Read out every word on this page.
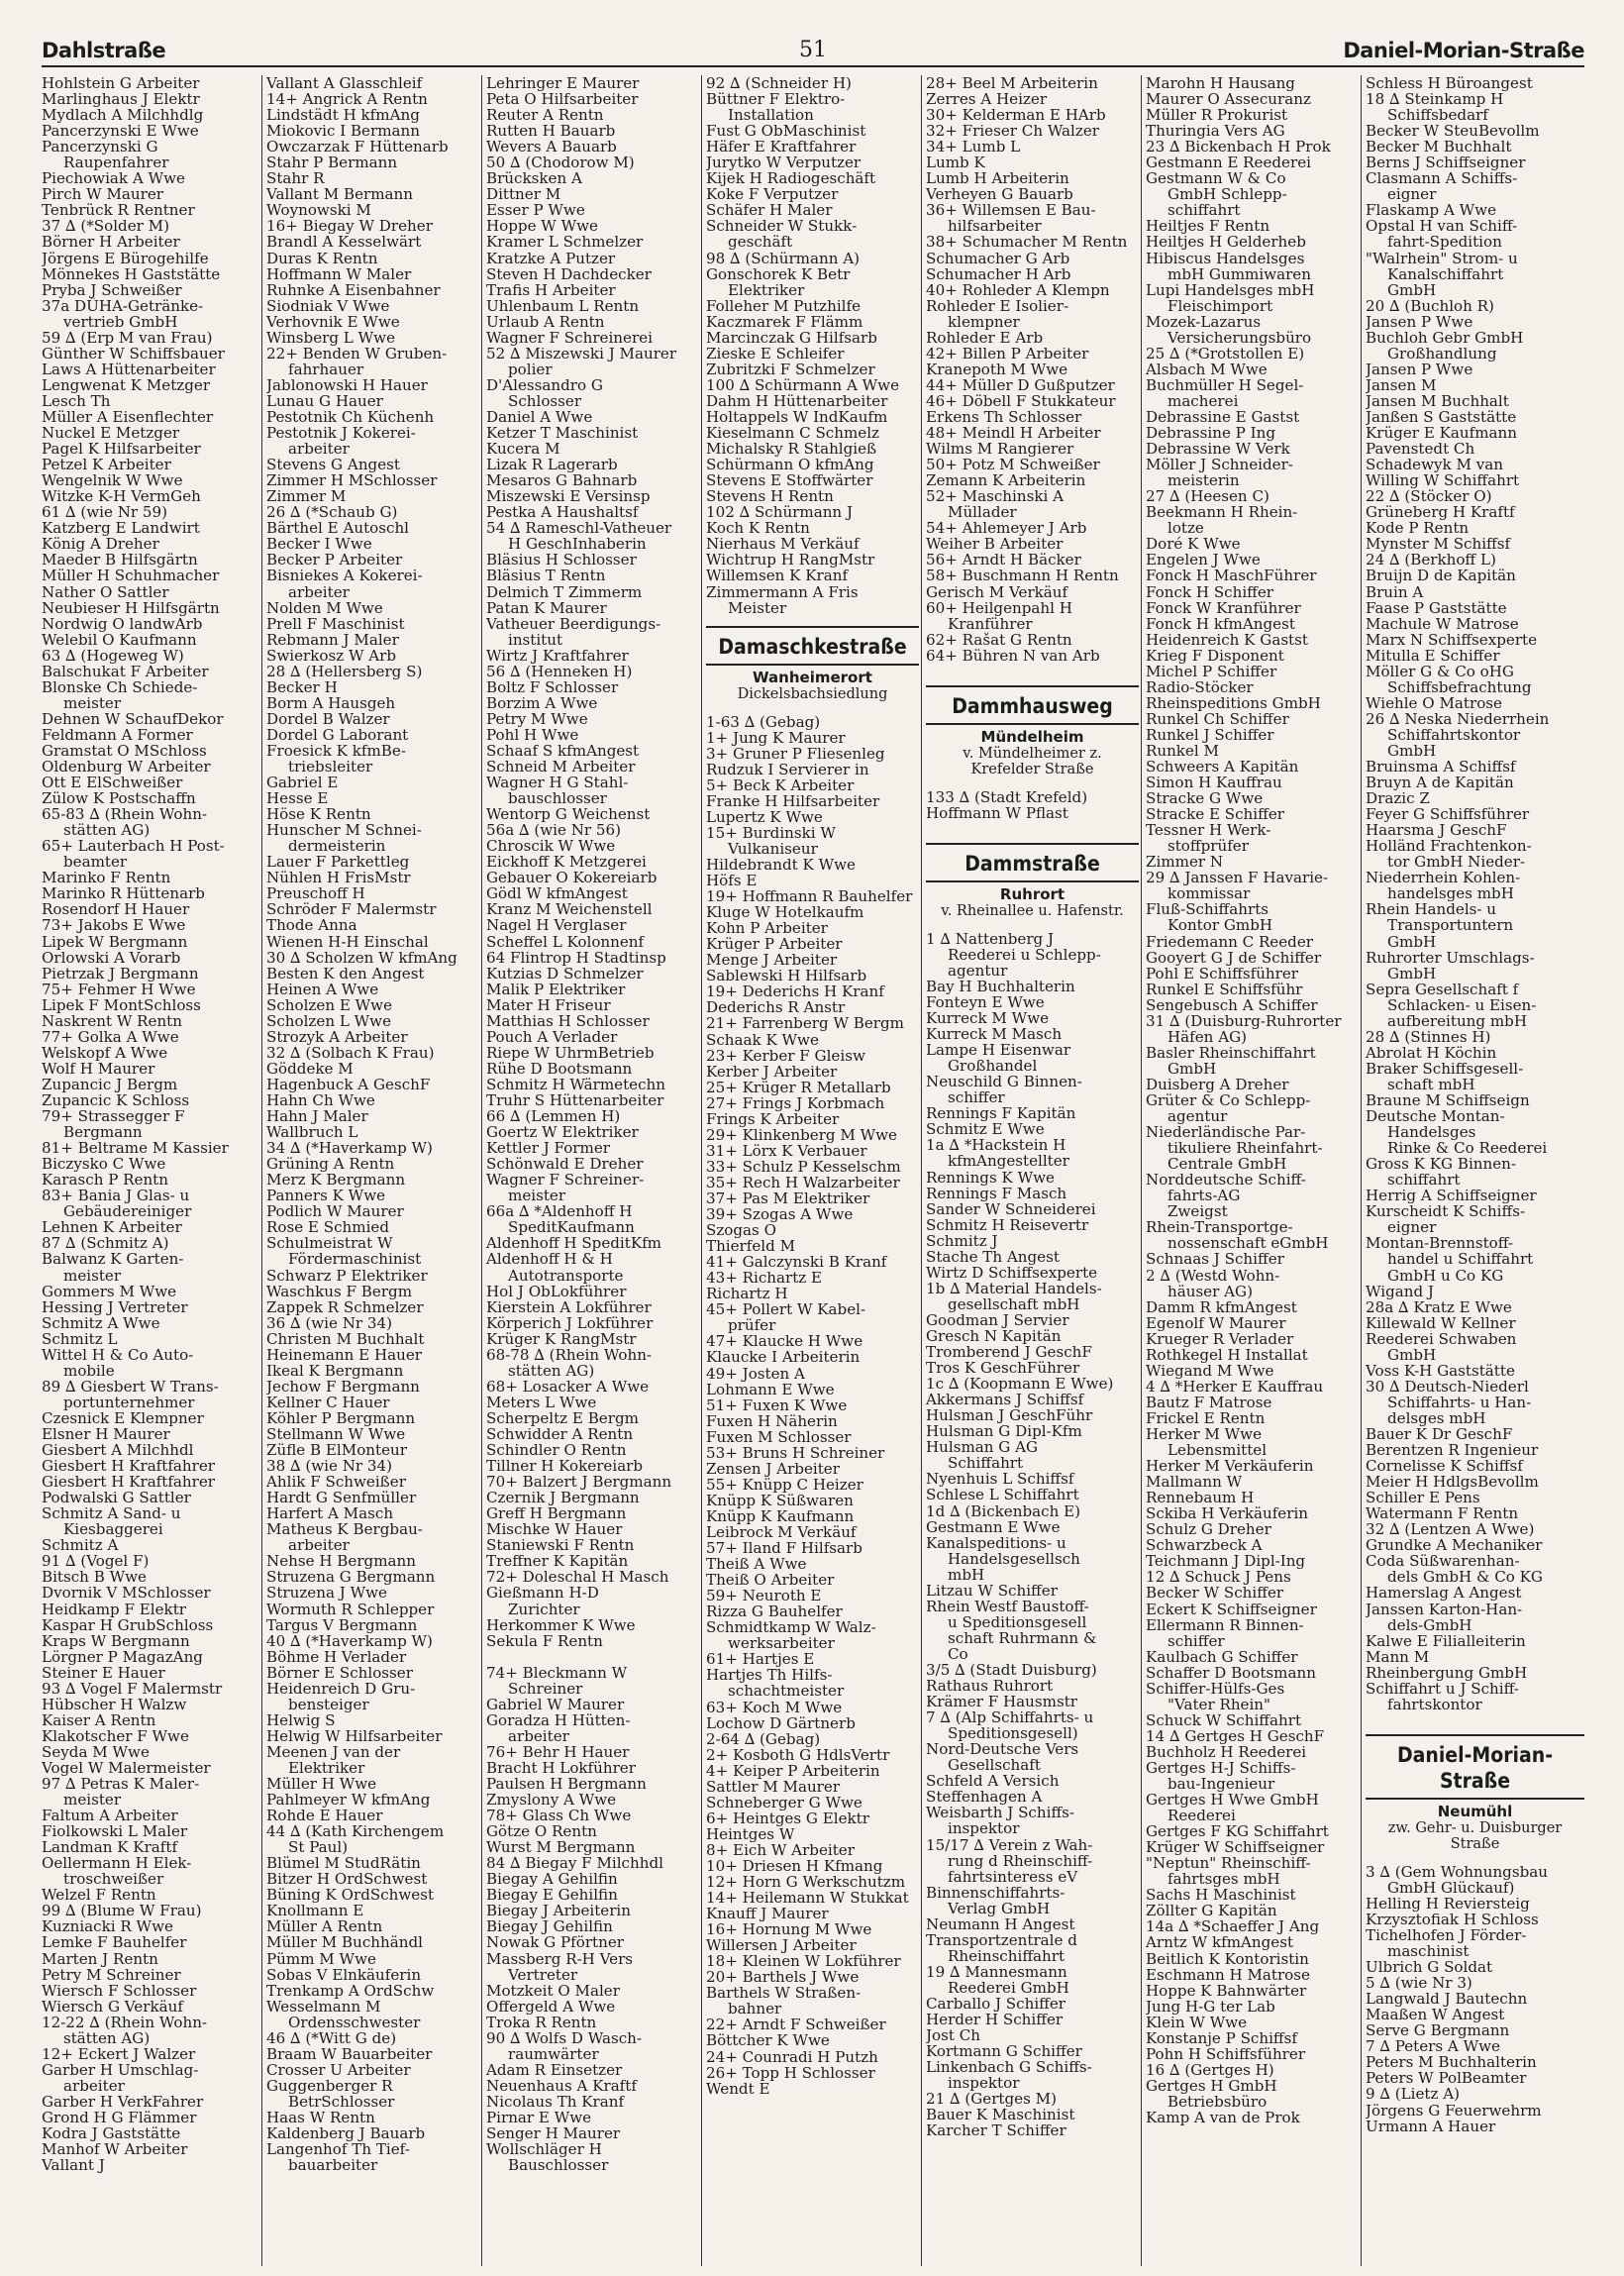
Dahlstraße	51	Daniel-Morian-Straße
Hohlstein G Arbeiter
Marlinghaus J Elektr
Mydlach A Milchhdlg
Pancerzynski E Wwe
Pancerzynski G
Raupenfahrer
Piechowiak A Wwe
Pirch W Maurer
Tenbrück R Rentner
37 ∆ (*Solder M)
Börner H Arbeiter
Jörgens E Bürogehilfe
Mönnekes H Gaststätte
Pryba J Schweißer
37a DÜHA-Getränke-
vertrieb GmbH
59 ∆ (Erp M van Frau)
Günther W Schiffsbauer
Laws A Hüttenarbeiter
Lengwenat K Metzger
Lesch Th
Müller A Eisenflechter
Nuckel E Metzger
Pagel K Hilfsarbeiter
Petzel K Arbeiter
Wengelnik W Wwe
Witzke K-H VermGeh
61 ∆ (wie Nr 59)
Katzberg E Landwirt
König A Dreher
Maeder B Hilfsgärtn
Müller H Schuhmacher
Nather O Sattler
Neubieser H Hilfsgärtn
Nordwig O landwArb
Welebil O Kaufmann
63 ∆ (Hogeweg W)
Balschukat F Arbeiter
Blonske Ch Schiede-
meister
Dehnen W SchaufDekor
Feldmann A Former
Gramstat O MSchloss
Oldenburg W Arbeiter
Ott E ElSchweißer
Zülow K Postschaffn
65-83 ∆ (Rhein Wohn-
stätten AG)
65+ Lauterbach H Post-
beamter
Marinko F Rentn
Marinko R Hüttenarb
Rosendorf H Hauer
73+ Jakobs E Wwe
Lipek W Bergmann
Orlowski A Vorarb
Pietrzak J Bergmann
75+ Fehmer H Wwe
Lipek F MontSchloss
Naskrent W Rentn
77+ Golka A Wwe
Welskopf A Wwe
Wolf H Maurer
Zupancic J Bergm
Zupancic K Schloss
79+ Strassegger F
Bergmann
81+ Beltrame M Kassier
Biczysko C Wwe
Karasch P Rentn
83+ Bania J Glas- u
Gebäudereiniger
Lehnen K Arbeiter
87 ∆ (Schmitz A)
Balwanz K Garten-
meister
Gommers M Wwe
Hessing J Vertreter
Schmitz A Wwe
Schmitz L
Wittel H & Co Auto-
mobile
89 ∆ Giesbert W Trans-
portunternehmer
Czesnick E Klempner
Elsner H Maurer
Giesbert A Milchhdl
Giesbert H Kraftfahrer
Giesbert H Kraftfahrer
Podwalski G Sattler
Schmitz A Sand- u
Kiesbaggerei
Schmitz A
91 ∆ (Vogel F)
Bitsch B Wwe
Dvornik V MSchlosser
Heidkamp F Elektr
Kaspar H GrubSchloss
Kraps W Bergmann
Lörgner P MagazAng
Steiner E Hauer
93 ∆ Vogel F Malermstr
Hübscher H Walzw
Kaiser A Rentn
Klakotscher F Wwe
Seyda M Wwe
Vogel W Malermeister
97 ∆ Petras K Maler-
meister
Faltum A Arbeiter
Fiolkowski L Maler
Landman K Kraftf
Oellermann H Elek-
troschweißer
Welzel F Rentn
99 ∆ (Blume W Frau)
Kuzniacki R Wwe
Lemke F Bauhelfer
Marten J Rentn
Petry M Schreiner
Wiersch F Schlosser
Wiersch G Verkäuf
12-22 ∆ (Rhein Wohn-
stätten AG)
12+ Eckert J Walzer
Garber H Umschlag-
arbeiter
Garber H VerkFahrer
Grond H G Flämmer
Kodra J Gaststätte
Manhof W Arbeiter
Vallant J
Vallant A Glasschleif
14+ Angrick A Rentn
Lindstädt H kfmAng
Miokovic I Bermann
Owczarzak F Hüttenarb
Stahr P Bermann
Stahr R
Vallant M Bermann
Woynowski M
16+ Biegay W Dreher
Brandl A Kesselwärt
Duras K Rentn
Hoffmann W Maler
Ruhnke A Eisenbahner
Siodniak V Wwe
Verhovnik E Wwe
Winsberg L Wwe
22+ Benden W Gruben-
fahrhauer
Jablonowski H Hauer
Lunau G Hauer
Pestotnik Ch Küchenh
Pestotnik J Kokerei-
arbeiter
Stevens G Angest
Zimmer H MSchlosser
Zimmer M
26 ∆ (*Schaub G)
Bärthel E Autoschl
Becker I Wwe
Becker P Arbeiter
Bisniekes A Kokerei-
arbeiter
Nolden M Wwe
Prell F Maschinist
Rebmann J Maler
Swierkosz W Arb
28 ∆ (Hellersberg S)
Becker H
Borm A Hausgeh
Dordel B Walzer
Dordel G Laborant
Froesick K kfmBe-
triebsleiter
Gabriel E
Hesse E
Höse K Rentn
Hunscher M Schnei-
dermeisterin
Lauer F Parkettleg
Nühlen H FrisMstr
Preuschoff H
Schröder F Malermstr
Thode Anna
Wienen H-H Einschal
30 ∆ Scholzen W kfmAng
Besten K den Angest
Heinen A Wwe
Scholzen E Wwe
Scholzen L Wwe
Strozyk A Arbeiter
32 ∆ (Solbach K Frau)
Göddeke M
Hagenbuck A GeschF
Hahn Ch Wwe
Hahn J Maler
Wallbruch L
34 ∆ (*Haverkamp W)
Grüning A Rentn
Merz K Bergmann
Panners K Wwe
Podlich W Maurer
Rose E Schmied
Schulmeistrat W
Fördermaschinist
Schwarz P Elektriker
Waschkus F Bergm
Zappek R Schmelzer
36 ∆ (wie Nr 34)
Christen M Buchhalt
Heinemann E Hauer
Ikeal K Bergmann
Jechow F Bergmann
Kellner C Hauer
Köhler P Bergmann
Stellmann W Wwe
Züfle B ElMonteur
38 ∆ (wie Nr 34)
Ahlik F Schweißer
Hardt G Senfmüller
Harfert A Masch
Matheus K Bergbau-
arbeiter
Nehse H Bergmann
Struzena G Bergmann
Struzena J Wwe
Wormuth R Schlepper
Targus V Bergmann
40 ∆ (*Haverkamp W)
Böhme H Verlader
Börner E Schlosser
Heidenreich D Gru-
bensteiger
Helwig S
Helwig W Hilfsarbeiter
Meenen J van der
Elektriker
Müller H Wwe
Pahlmeyer W kfmAng
Rohde E Hauer
44 ∆ (Kath Kirchengem
St Paul)
Blümel M StudRätin
Bitzer H OrdSchwest
Büning K OrdSchwest
Knollmann E
Müller A Rentn
Müller M Buchhändl
Pümm M Wwe
Sobas V Elnkäuferin
Trenkamp A OrdSchw
Wesselmann M
Ordensschwester
46 ∆ (*Witt G de)
Braam W Bauarbeiter
Crosser U Arbeiter
Guggenberger R
BetrSchlosser
Haas W Rentn
Kaldenberg J Bauarb
Langenhof Th Tief-
bauarbeiter
Lehringer E Maurer
Peta O Hilfsarbeiter
Reuter A Rentn
Rutten H Bauarb
Wevers A Bauarb
50 ∆ (Chodorow M)
Brücksken A
Dittner M
Esser P Wwe
Hoppe W Wwe
Kramer L Schmelzer
Kratzke A Putzer
Steven H Dachdecker
Trafis H Arbeiter
Uhlenbaum L Rentn
Urlaub A Rentn
Wagner F Schreinerei
52 ∆ Miszewski J Maurer
polier
D'Alessandro G
Schlosser
Daniel A Wwe
Ketzer T Maschinist
Kucera M
Lizak R Lagerarb
Mesaros G Bahnarb
Miszewski E Versinsp
Pestka A Haushaltsf
54 ∆ Rameschl-Vatheuer
H GeschInhaberin
Bläsius H Schlosser
Bläsius T Rentn
Delmich T Zimmerm
Patan K Maurer
Vatheuer Beerdigungs-
institut
Wirtz J Kraftfahrer
56 ∆ (Henneken H)
Boltz F Schlosser
Borzim A Wwe
Petry M Wwe
Pohl H Wwe
Schaaf S kfmAngest
Schneid M Arbeiter
Wagner H G Stahl-
bauschlosser
Wentorp G Weichenst
56a ∆ (wie Nr 56)
Chroscik W Wwe
Eickhoff K Metzgerei
Gebauer O Kokereiarb
Gödl W kfmAngest
Kranz M Weichenstell
Nagel H Verglaser
Scheffel L Kolonnenf
64 Flintrop H Stadtinsp
Kutzias D Schmelzer
Malik P Elektriker
Mater H Friseur
Matthias H Schlosser
Pouch A Verlader
Riepe W UhrmBetrieb
Rühe D Bootsmann
Schmitz H Wärmetechn
Truhr S Hüttenarbeiter
66 ∆ (Lemmen H)
Goertz W Elektriker
Kettler J Former
Schönwald E Dreher
Wagner F Schreiner-
meister
66a ∆ *Aldenhoff H
SpeditKaufmann
Aldenhoff H SpeditKfm
Aldenhoff H & H
Autotransporte
Hol J ObLokführer
Kierstein A Lokführer
Körperich J Lokführer
Krüger K RangMstr
68-78 ∆ (Rhein Wohn-
stätten AG)
68+ Losacker A Wwe
Meters L Wwe
Scherpeltz E Bergm
Schwidder A Rentn
Schindler O Rentn
Tillner H Kokereiarb
70+ Balzert J Bergmann
Czernik J Bergmann
Greff H Bergmann
Mischke W Hauer
Staniewski F Rentn
Treffner K Kapitän
72+ Doleschal H Masch
Gießmann H-D
Zurichter
Herkommer K Wwe
Sekula F Rentn

74+ Bleckmann W
Schreiner
Gabriel W Maurer
Goradza H Hütten-
arbeiter
76+ Behr H Hauer
Bracht H Lokführer
Paulsen H Bergmann
Zmyslony A Wwe
78+ Glass Ch Wwe
Götze O Rentn
Wurst M Bergmann
84 ∆ Biegay F Milchhdl
Biegay A Gehilfin
Biegay E Gehilfin
Biegay J Arbeiterin
Biegay J Gehilfin
Nowak G Pförtner
Massberg R-H Vers
Vertreter
Motzkeit O Maler
Offergeld A Wwe
Troka R Rentn
90 ∆ Wolfs D Wasch-
raumwärter
Adam R Einsetzer
Neuenhaus A Kraftf
Nicolaus Th Kranf
Pirnar E Wwe
Senger H Maurer
Wollschläger H
Bauschlosser
92 ∆ (Schneider H)
Büttner F Elektro-
Installation
Fust G ObMaschinist
Häfer E Kraftfahrer
Jurytko W Verputzer
Kijek H Radiogeschäft
Koke F Verputzer
Schäfer H Maler
Schneider W Stukk-
geschäft
98 ∆ (Schürmann A)
Gonschorek K Betr
Elektriker
Folleher M Putzhilfe
Kaczmarek F Flämm
Marcinczak G Hilfsarb
Zieske E Schleifer
Zubritzki F Schmelzer
100 ∆ Schürmann A Wwe
Dahm H Hüttenarbeiter
Holtappels W IndKaufm
Kieselmann C Schmelz
Michalsky R Stahlgieß
Schürmann O kfmAng
Stevens E Stoffwärter
Stevens H Rentn
102 ∆ Schürmann J
Koch K Rentn
Nierhaus M Verkäuf
Wichtrup H RangMstr
Willemsen K Kranf
Zimmermann A Fris
Meister
Damaschkestraße
Wanheimerort
Dickelsbachsiedlung
1-63 ∆ (Gebag)
1+ Jung K Maurer
3+ Gruner P Fliesenleg
Rudzuk I Servierer in
5+ Beck K Arbeiter
Franke H Hilfsarbeiter
Lupertz K Wwe
15+ Burdinski W
Vulkaniseur
Hildebrandt K Wwe
Höfs E
19+ Hoffmann R Bauhelfer
Kluge W Hotelkaufm
Kohn P Arbeiter
Krüger P Arbeiter
Menge J Arbeiter
Sablewski H Hilfsarb
19+ Dederichs H Kranf
Dederichs R Anstr
21+ Farrenberg W Bergm
Schaak K Wwe
23+ Kerber F Gleisw
Kerber J Arbeiter
25+ Krüger R Metallarb
27+ Frings J Korbmach
Frings K Arbeiter
29+ Klinkenberg M Wwe
31+ Lörx K Verbauer
33+ Schulz P Kesselschm
35+ Rech H Walzarbeiter
37+ Pas M Elektriker
39+ Szogas A Wwe
Szogas O
Thierfeld M
41+ Galczynski B Kranf
43+ Richartz E
Richartz H
45+ Pollert W Kabel-
prüfer
47+ Klaucke H Wwe
Klaucke I Arbeiterin
49+ Josten A
Lohmann E Wwe
51+ Fuxen K Wwe
Fuxen H Näherin
Fuxen M Schlosser
53+ Bruns H Schreiner
Zensen J Arbeiter
55+ Knüpp C Heizer
Knüpp K Süßwaren
Knüpp K Kaufmann
Leibrock M Verkäuf
57+ Iland F Hilfsarb
Theiß A Wwe
Theiß O Arbeiter
59+ Neuroth E
Rizza G Bauhelfer
Schmidtkamp W Walz-
werksarbeiter
61+ Hartjes E
Hartjes Th Hilfs-
schachtmeister
63+ Koch M Wwe
Lochow D Gärtnerb
2-64 ∆ (Gebag)
2+ Kosboth G HdlsVertr
4+ Keiper P Arbeiterin
Sattler M Maurer
Schneberger G Wwe
6+ Heintges G Elektr
Heintges W
8+ Eich W Arbeiter
10+ Driesen H Kfmang
12+ Horn G Werkschutzm
14+ Heilemann W Stukkat
Knauff J Maurer
16+ Hornung M Wwe
Willersen J Arbeiter
18+ Kleinen W Lokführer
20+ Barthels J Wwe
Barthels W Straßen-
bahner
22+ Arndt F Schweißer
Böttcher K Wwe
24+ Counradi H Putzh
26+ Topp H Schlosser
Wendt E
28+ Beel M Arbeiterin
Zerres A Heizer
30+ Kelderman E HArb
32+ Frieser Ch Walzer
34+ Lumb L
Lumb K
Lumb H Arbeiterin
Verheyen G Bauarb
36+ Willemsen E Bau-
hilfsarbeiter
38+ Schumacher M Rentn
Schumacher G Arb
Schumacher H Arb
40+ Rohleder A Klempn
Rohleder E Isolier-
klempner
Rohleder E Arb
42+ Billen P Arbeiter
Kranepoth M Wwe
44+ Müller D Gußputzer
46+ Döbell F Stukkateur
Erkens Th Schlosser
48+ Meindl H Arbeiter
Wilms M Rangierer
50+ Potz M Schweißer
Zemann K Arbeiterin
52+ Maschinski A
Müllader
54+ Ahlemeyer J Arb
Weiher B Arbeiter
56+ Arndt H Bäcker
58+ Buschmann H Rentn
Gerisch M Verkäuf
60+ Heilgenpahl H
Kranführer
62+ Rašat G Rentn
64+ Bühren N van Arb
Dammhausweg
Mündelheim
v. Mündelheimer z.
Krefelder Straße
133 ∆ (Stadt Krefeld)
Hoffmann W Pflast
Dammstraße
Ruhrort
v. Rheinallee u. Hafenstr.
1 ∆ Nattenberg J
Reederei u Schlepp-
agentur
Bay H Buchhalterin
Fonteyn E Wwe
Kurreck M Wwe
Kurreck M Masch
Lampe H Eisenwar
Großhandel
Neuschild G Binnen-
schiffer
Rennings F Kapitän
Schmitz E Wwe
1a ∆ *Hackstein H
kfmAngestellter
Rennings K Wwe
Rennings F Masch
Sander W Schneiderei
Schmitz H Reisevertr
Schmitz J
Stache Th Angest
Wirtz D Schiffsexperte
1b ∆ Material Handels-
gesellschaft mbH
Goodman J Servier
Gresch N Kapitän
Tromberend J GeschF
Tros K GeschFührer
1c ∆ (Koopmann E Wwe)
Akkermans J Schiffsf
Hulsman J GeschFühr
Hulsman G Dipl-Kfm
Hulsman G AG
Schiffahrt
Nyenhuis L Schiffsf
Schlese L Schiffahrt
1d ∆ (Bickenbach E)
Gestmann E Wwe
Kanalspeditions- u
Handelsgesellsch
mbH
Litzau W Schiffer
Rhein Westf Baustoff-
u Speditionsgesell
schaft Ruhrmann &
Co
3/5 ∆ (Stadt Duisburg)
Rathaus Ruhrort
Krämer F Hausmstr
7 ∆ (Alp Schiffahrts- u
Speditionsgesell)
Nord-Deutsche Vers
Gesellschaft
Schfeld A Versich
Steffenhagen A
Weisbarth J Schiffs-
inspektor
15/17 ∆ Verein z Wah-
rung d Rheinschiff-
fahrtsinteress eV
Binnenschiffahrts-
Verlag GmbH
Neumann H Angest
Transportzentrale d
Rheinschiffahrt
19 ∆ Mannesmann
Reederei GmbH
Carballo J Schiffer
Herder H Schiffer
Jost Ch
Kortmann G Schiffer
Linkenbach G Schiffs-
inspektor
21 ∆ (Gertges M)
Bauer K Maschinist
Karcher T Schiffer
Marohn H Hausang
Maurer O Assecuranz
Müller R Prokurist
Thuringia Vers AG
23 ∆ Bickenbach H Prok
Gestmann E Reederei
Gestmann W & Co
GmbH Schlepp-
schiffahrt
Heiltjes F Rentn
Heiltjes H Gelderheb
Hibiscus Handelsges
mbH Gummiwaren
Lupi Handelsges mbH
Fleischimport
Mozek-Lazarus
Versicherungsbüro
25 ∆ (*Grotstollen E)
Alsbach M Wwe
Buchmüller H Segel-
macherei
Debrassine E Gastst
Debrassine P Ing
Debrassine W Verk
Möller J Schneider-
meisterin
27 ∆ (Heesen C)
Beekmann H Rhein-
lotze
Doré K Wwe
Engelen J Wwe
Fonck H MaschFührer
Fonck H Schiffer
Fonck W Kranführer
Fonck H kfmAngest
Heidenreich K Gastst
Krieg F Disponent
Michel P Schiffer
Radio-Stöcker
Rheinspeditions GmbH
Runkel Ch Schiffer
Runkel J Schiffer
Runkel M
Schweers A Kapitän
Simon H Kauffrau
Stracke G Wwe
Stracke E Schiffer
Tessner H Werk-
stoffprüfer
Zimmer N
29 ∆ Janssen F Havarie-
kommissar
Fluß-Schiffahrts
Kontor GmbH
Friedemann C Reeder
Gooyert G J de Schiffer
Pohl E Schiffsführer
Runkel E Schiffsführ
Sengebusch A Schiffer
31 ∆ (Duisburg-Ruhrorter
Häfen AG)
Basler Rheinschiffahrt
GmbH
Duisberg A Dreher
Grüter & Co Schlepp-
agentur
Niederländische Par-
tikuliere Rheinfahrt-
Centrale GmbH
Norddeutsche Schiff-
fahrts-AG
Zweigst
Rhein-Transportge-
nossenschaft eGmbH
Schnaas J Schiffer
2 ∆ (Westd Wohn-
häuser AG)
Damm R kfmAngest
Egenolf W Maurer
Krueger R Verlader
Rothkegel H Installat
Wiegand M Wwe
4 ∆ *Herker E Kauffrau
Bautz F Matrose
Frickel E Rentn
Herker M Wwe
Lebensmittel
Herker M Verkäuferin
Mallmann W
Rennebaum H
Sckiba H Verkäuferin
Schulz G Dreher
Schwarzbeck A
Teichmann J Dipl-Ing
12 ∆ Schuck J Pens
Becker W Schiffer
Eckert K Schiffseigner
Ellermann R Binnen-
schiffer
Kaulbach G Schiffer
Schaffer D Bootsmann
Schiffer-Hülfs-Ges
"Vater Rhein"
Schuck W Schiffahrt
14 ∆ Gertges H GeschF
Buchholz H Reederei
Gertges H-J Schiffs-
bau-Ingenieur
Gertges H Wwe GmbH
Reederei
Gertges F KG Schiffahrt
Krüger W Schiffseigner
"Neptun" Rheinschiff-
fahrtsges mbH
Sachs H Maschinist
Zöllter G Kapitän
14a ∆ *Schaeffer J Ang
Arntz W kfmAngest
Beitlich K Kontoristin
Eschmann H Matrose
Hoppe K Bahnwärter
Jung H-G ter Lab
Klein W Wwe
Konstanje P Schiffsf
Pohn H Schiffsführer
16 ∆ (Gertges H)
Gertges H GmbH
Betriebsbüro
Kamp A van de Prok
Schless H Büroangest
18 ∆ Steinkamp H
Schiffsbedarf
Becker W SteuBevollm
Becker M Buchhalt
Berns J Schiffseigner
Clasmann A Schiffs-
eigner
Flaskamp A Wwe
Opstal H van Schiff-
fahrt-Spedition
"Walrhein" Strom- u
Kanalschiffahrt
GmbH
20 ∆ (Buchloh R)
Jansen P Wwe
Buchloh Gebr GmbH
Großhandlung
Jansen P Wwe
Jansen M
Jansen M Buchhalt
Janßen S Gaststätte
Krüger E Kaufmann
Pavenstedt Ch
Schadewyk M van
Willing W Schiffahrt
22 ∆ (Stöcker O)
Grüneberg H Kraftf
Kode P Rentn
Mynster M Schiffsf
24 ∆ (Berkhoff L)
Bruijn D de Kapitän
Bruin A
Faase P Gaststätte
Machule W Matrose
Marx N Schiffsexperte
Mitulla E Schiffer
Möller G & Co oHG
Schiffsbefrachtung
Wiehle O Matrose
26 ∆ Neska Niederrhein
Schiffahrtskontor
GmbH
Bruinsma A Schiffsf
Bruyn A de Kapitän
Drazic Z
Feyer G Schiffsführer
Haarsma J GeschF
Holländ Frachtenkon-
tor GmbH Nieder-
Niederrhein Kohlen-
handelsges mbH
Rhein Handels- u
Transportuntern
GmbH
Ruhrorter Umschlags-
GmbH
Sepra Gesellschaft f
Schlacken- u Eisen-
aufbereitung mbH
28 ∆ (Stinnes H)
Abrolat H Köchin
Braker Schiffsgesell-
schaft mbH
Braune M Schiffseign
Deutsche Montan-
Handelsges
Rinke & Co Reederei
Gross K KG Binnen-
schiffahrt
Herrig A Schiffseigner
Kurscheidt K Schiffs-
eigner
Montan-Brennstoff-
handel u Schiffahrt
GmbH u Co KG
Wigand J
28a ∆ Kratz E Wwe
Killewald W Kellner
Reederei Schwaben
GmbH
Voss K-H Gaststätte
30 ∆ Deutsch-Niederl
Schiffahrts- u Han-
delsges mbH
Bauer K Dr GeschF
Berentzen R Ingenieur
Cornelisse K Schiffsf
Meier H HdlgsBevollm
Schiller E Pens
Watermann F Rentn
32 ∆ (Lentzen A Wwe)
Grundke A Mechaniker
Coda Süßwarenhan-
dels GmbH & Co KG
Hamerslag A Angest
Janssen Karton-Han-
dels-GmbH
Kalwe E Filialleiterin
Mann M
Rheinbergung GmbH
Schiffahrt u J Schiff-
fahrtskontor
Daniel-Morian-Straße
Neumühl
zw. Gehr- u. Duisburger
Straße
3 ∆ (Gem Wohnungsbau
GmbH Glückauf)
Helling H Reviersteig
Krzysztofiak H Schloss
Tichelhofen J Förder-
maschinist
Ulbrich G Soldat
5 ∆ (wie Nr 3)
Langwald J Bautechn
Maaßen W Angest
Serve G Bergmann
7 ∆ Peters A Wwe
Peters M Buchhalterin
Peters W PolBeamter
9 ∆ (Lietz A)
Jörgens G Feuerwehrm
Urmann A Hauer
